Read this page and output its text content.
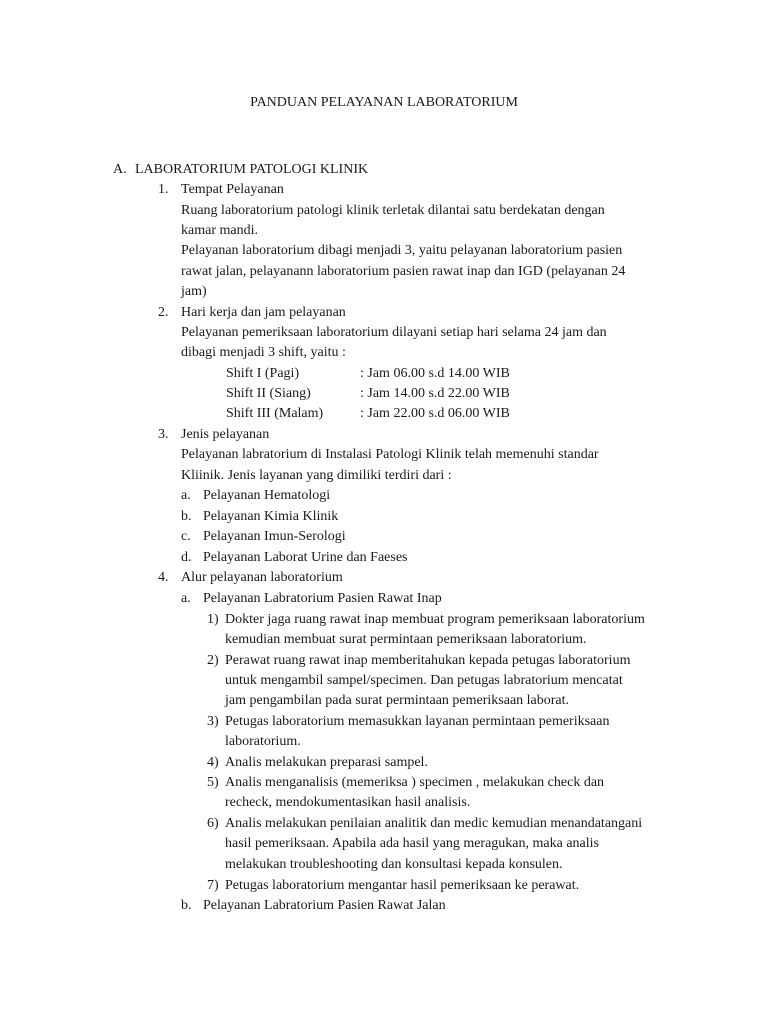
PANDUAN PELAYANAN LABORATORIUM
A. LABORATORIUM PATOLOGI KLINIK
1. Tempat Pelayanan
Ruang laboratorium patologi klinik terletak dilantai satu berdekatan dengan
kamar mandi.
Pelayanan laboratorium dibagi menjadi 3, yaitu pelayanan laboratorium pasien
rawat jalan, pelayanann laboratorium pasien rawat inap dan IGD (pelayanan 24
jam)
2. Hari kerja dan jam pelayanan
Pelayanan pemeriksaan laboratorium dilayani setiap hari selama 24 jam dan
dibagi menjadi 3 shift, yaitu :
Shift I (Pagi)	: Jam 06.00 s.d 14.00 WIB
Shift II (Siang)	: Jam 14.00 s.d 22.00 WIB
Shift III (Malam)	: Jam 22.00 s.d 06.00 WIB
3. Jenis pelayanan
Pelayanan labratorium di Instalasi Patologi Klinik telah memenuhi standar
Kliinik. Jenis layanan yang dimiliki terdiri dari :
a. Pelayanan Hematologi
b. Pelayanan Kimia Klinik
c. Pelayanan Imun-Serologi
d. Pelayanan Laborat Urine dan Faeses
4. Alur pelayanan laboratorium
a. Pelayanan Labratorium Pasien Rawat Inap
1) Dokter jaga ruang rawat inap membuat program pemeriksaan laboratorium
kemudian membuat surat permintaan pemeriksaan laboratorium.
2) Perawat ruang rawat inap memberitahukan kepada petugas laboratorium
untuk mengambil sampel/specimen. Dan petugas labratorium mencatat
jam pengambilan pada surat permintaan pemeriksaan laborat.
3) Petugas laboratorium memasukkan layanan permintaan pemeriksaan
laboratorium.
4) Analis melakukan preparasi sampel.
5) Analis menganalisis (memeriksa ) specimen , melakukan check dan
recheck, mendokumentasikan hasil analisis.
6) Analis melakukan penilaian analitik dan medic kemudian menandatangani
hasil pemeriksaan. Apabila ada hasil yang meragukan, maka analis
melakukan troubleshooting dan konsultasi kepada konsulen.
7) Petugas laboratorium mengantar hasil pemeriksaan ke perawat.
b. Pelayanan Labratorium Pasien Rawat Jalan
